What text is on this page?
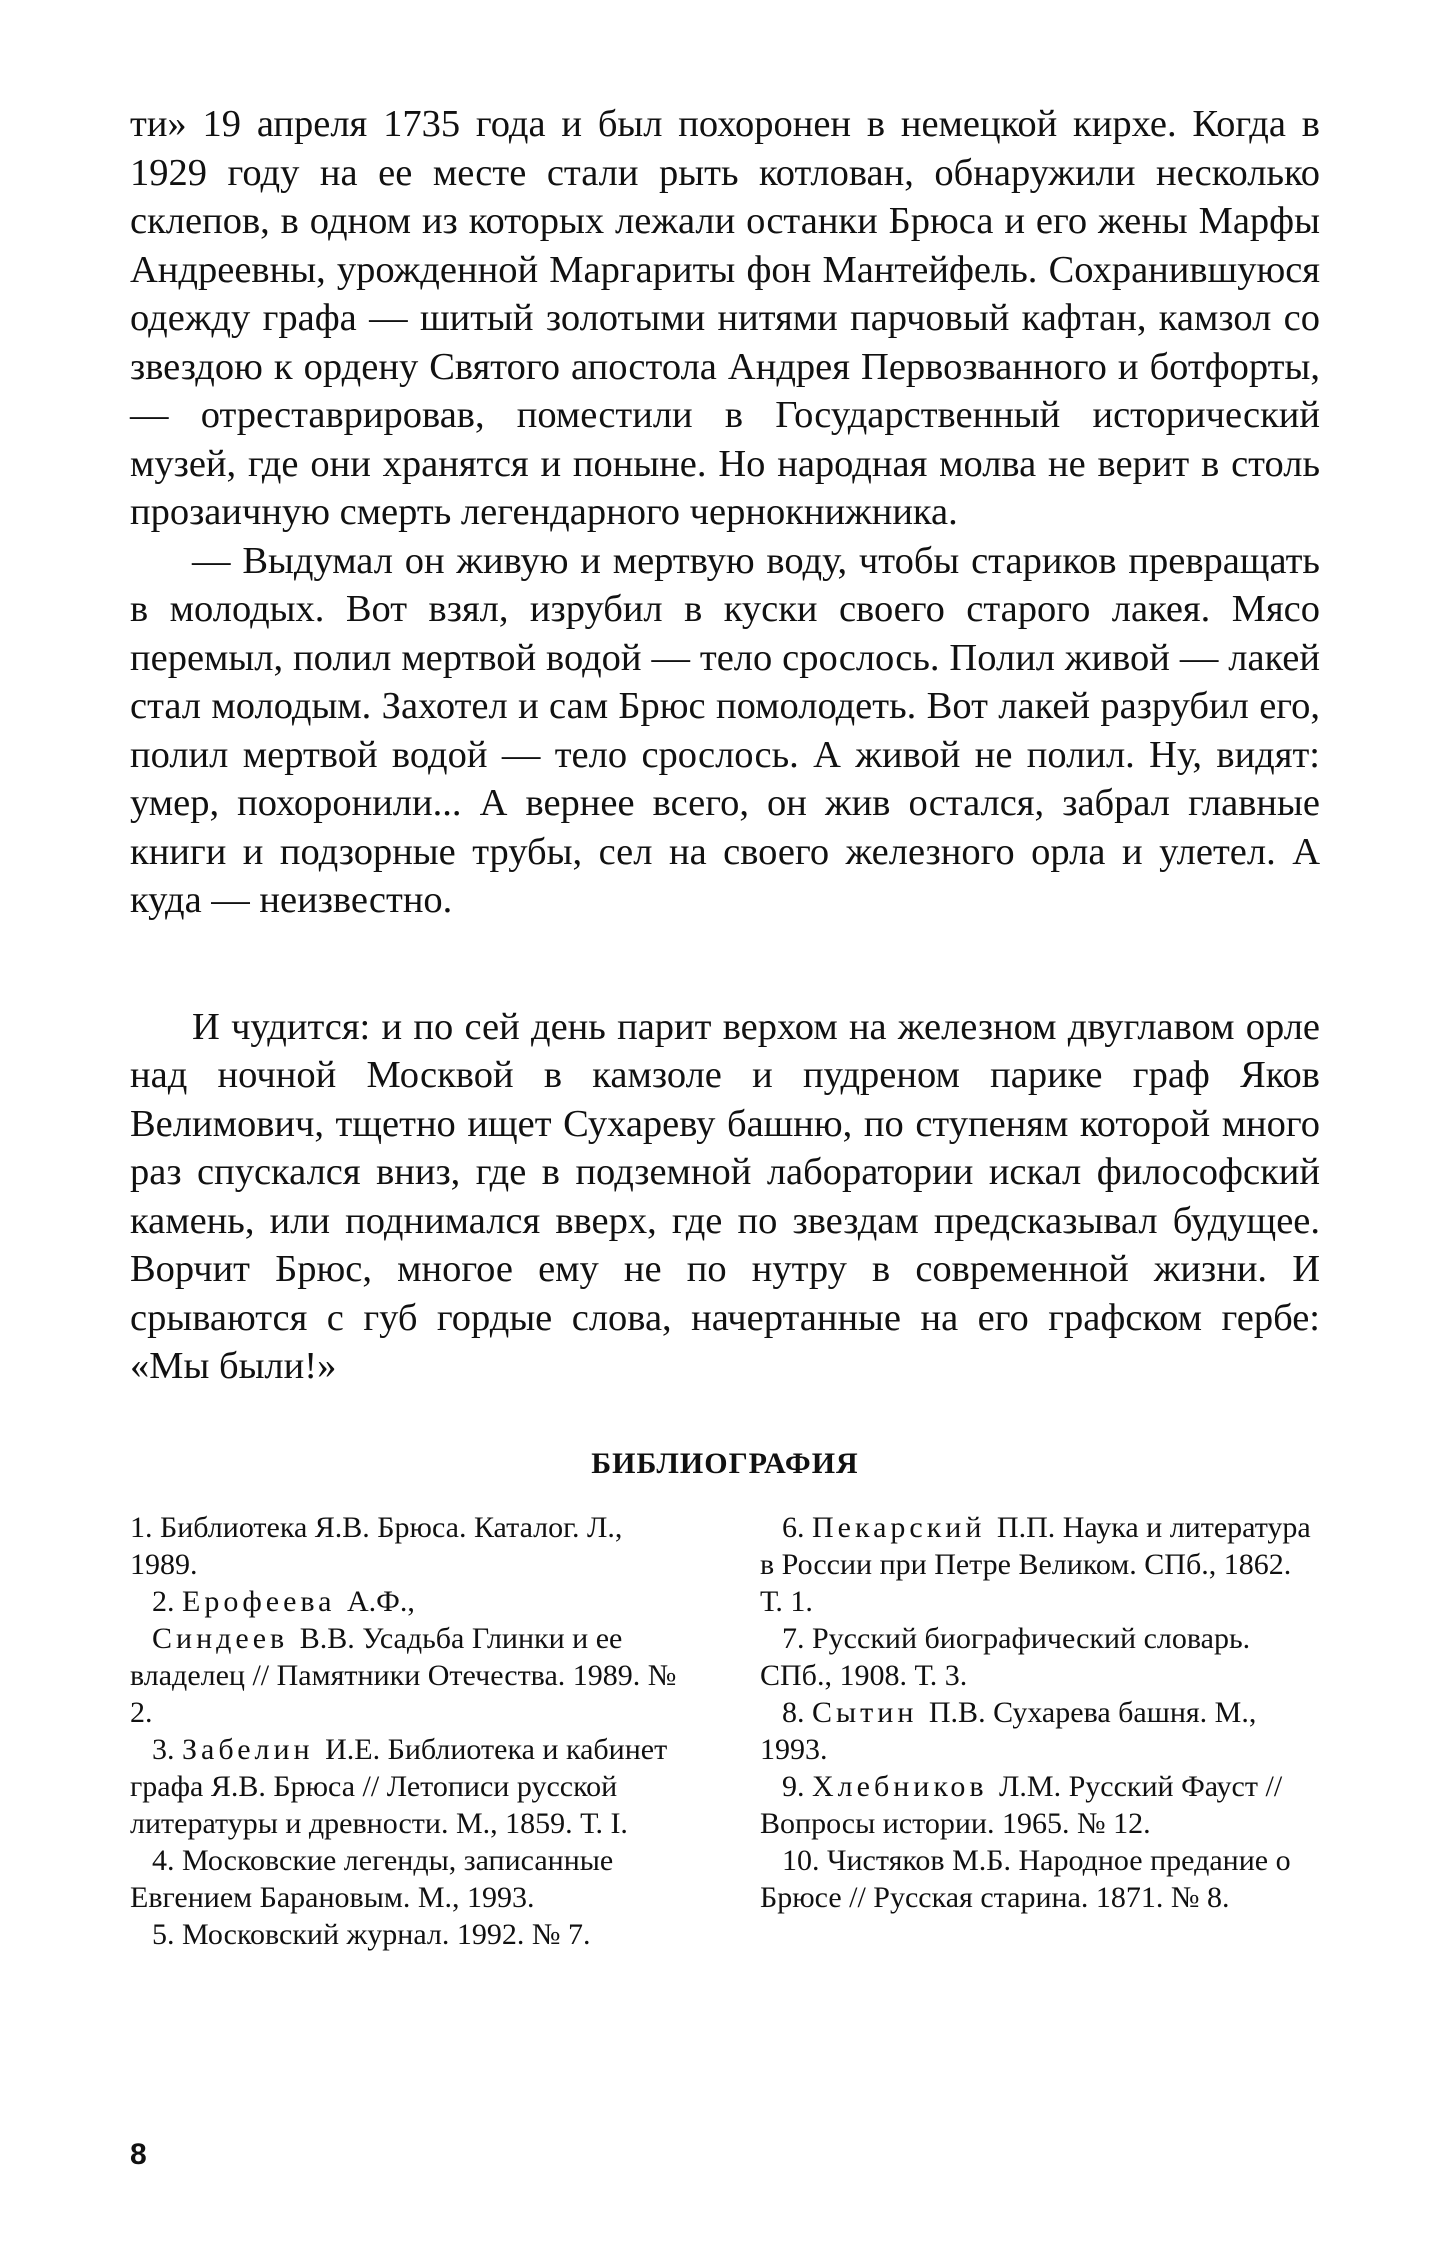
ти» 19 апреля 1735 года и был похоронен в немецкой кирхе. Когда в 1929 году на ее месте стали рыть котлован, обнаружили несколько склепов, в одном из которых лежали останки Брюса и его жены Марфы Андреевны, урожденной Маргариты фон Мантейфель. Сохранившуюся одежду графа — шитый золотыми нитями парчовый кафтан, камзол со звездою к ордену Святого апостола Андрея Первозванного и ботфорты, — отреставрировав, поместили в Государственный исторический музей, где они хранятся и поныне. Но народная молва не верит в столь прозаичную смерть легендарного чернокнижника.

— Выдумал он живую и мертвую воду, чтобы стариков превращать в молодых. Вот взял, изрубил в куски своего старого лакея. Мясо перемыл, полил мертвой водой — тело срослось. Полил живой — лакей стал молодым. Захотел и сам Брюс помолодеть. Вот лакей разрубил его, полил мертвой водой — тело срослось. А живой не полил. Ну, видят: умер, похоронили... А вернее всего, он жив остался, забрал главные книги и подзорные трубы, сел на своего железного орла и улетел. А куда — неизвестно.

И чудится: и по сей день парит верхом на железном двуглавом орле над ночной Москвой в камзоле и пудреном парике граф Яков Велимович, тщетно ищет Сухареву башню, по ступеням которой много раз спускался вниз, где в подземной лаборатории искал философский камень, или поднимался вверх, где по звездам предсказывал будущее. Ворчит Брюс, многое ему не по нутру в современной жизни. И срываются с губ гордые слова, начертанные на его графском гербе: «Мы были!»

БИБЛИОГРАФИЯ
1. Библиотека Я.В. Брюса. Каталог. Л., 1989.
2. Ерофеева А.Ф.,
Синдеев В.В. Усадьба Глинки и ее владелец // Памятники Отечества. 1989. № 2.
3. Забелин И.Е. Библиотека и кабинет графа Я.В. Брюса // Летописи русской литературы и древности. М., 1859. Т. I.
4. Московские легенды, записанные Евгением Барановым. М., 1993.
5. Московский журнал. 1992. № 7.
6. Пекарский П.П. Наука и литература в России при Петре Великом. СПб., 1862. Т. 1.
7. Русский биографический словарь. СПб., 1908. Т. 3.
8. Сытин П.В. Сухарева башня. М., 1993.
9. Хлебников Л.М. Русский Фауст // Вопросы истории. 1965. № 12.
10. Чистяков М.Б. Народное предание о Брюсе // Русская старина. 1871. № 8.
8
